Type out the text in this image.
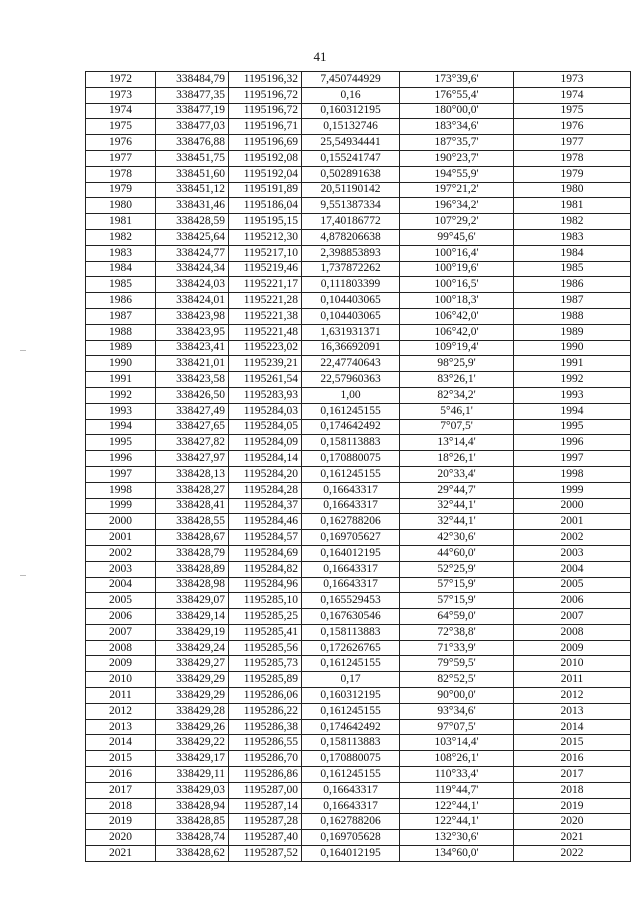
41
1972	338484,79	1195196,32	7,450744929	173°39,6'	1973
1973	338477,35	1195196,72	0,16	176°55,4'	1974
1974	338477,19	1195196,72	0,160312195	180°00,0'	1975
1975	338477,03	1195196,71	0,15132746	183°34,6'	1976
1976	338476,88	1195196,69	25,54934441	187°35,7'	1977
1977	338451,75	1195192,08	0,155241747	190°23,7'	1978
1978	338451,60	1195192,04	0,502891638	194°55,9'	1979
1979	338451,12	1195191,89	20,51190142	197°21,2'	1980
1980	338431,46	1195186,04	9,551387334	196°34,2'	1981
1981	338428,59	1195195,15	17,40186772	107°29,2'	1982
1982	338425,64	1195212,30	4,878206638	99°45,6'	1983
1983	338424,77	1195217,10	2,398853893	100°16,4'	1984
1984	338424,34	1195219,46	1,737872262	100°19,6'	1985
1985	338424,03	1195221,17	0,111803399	100°16,5'	1986
1986	338424,01	1195221,28	0,104403065	100°18,3'	1987
1987	338423,98	1195221,38	0,104403065	106°42,0'	1988
1988	338423,95	1195221,48	1,631931371	106°42,0'	1989
1989	338423,41	1195223,02	16,36692091	109°19,4'	1990
1990	338421,01	1195239,21	22,47740643	98°25,9'	1991
1991	338423,58	1195261,54	22,57960363	83°26,1'	1992
1992	338426,50	1195283,93	1,00	82°34,2'	1993
1993	338427,49	1195284,03	0,161245155	5°46,1'	1994
1994	338427,65	1195284,05	0,174642492	7°07,5'	1995
1995	338427,82	1195284,09	0,158113883	13°14,4'	1996
1996	338427,97	1195284,14	0,170880075	18°26,1'	1997
1997	338428,13	1195284,20	0,161245155	20°33,4'	1998
1998	338428,27	1195284,28	0,16643317	29°44,7'	1999
1999	338428,41	1195284,37	0,16643317	32°44,1'	2000
2000	338428,55	1195284,46	0,162788206	32°44,1'	2001
2001	338428,67	1195284,57	0,169705627	42°30,6'	2002
2002	338428,79	1195284,69	0,164012195	44°60,0'	2003
2003	338428,89	1195284,82	0,16643317	52°25,9'	2004
2004	338428,98	1195284,96	0,16643317	57°15,9'	2005
2005	338429,07	1195285,10	0,165529453	57°15,9'	2006
2006	338429,14	1195285,25	0,167630546	64°59,0'	2007
2007	338429,19	1195285,41	0,158113883	72°38,8'	2008
2008	338429,24	1195285,56	0,172626765	71°33,9'	2009
2009	338429,27	1195285,73	0,161245155	79°59,5'	2010
2010	338429,29	1195285,89	0,17	82°52,5'	2011
2011	338429,29	1195286,06	0,160312195	90°00,0'	2012
2012	338429,28	1195286,22	0,161245155	93°34,6'	2013
2013	338429,26	1195286,38	0,174642492	97°07,5'	2014
2014	338429,22	1195286,55	0,158113883	103°14,4'	2015
2015	338429,17	1195286,70	0,170880075	108°26,1'	2016
2016	338429,11	1195286,86	0,161245155	110°33,4'	2017
2017	338429,03	1195287,00	0,16643317	119°44,7'	2018
2018	338428,94	1195287,14	0,16643317	122°44,1'	2019
2019	338428,85	1195287,28	0,162788206	122°44,1'	2020
2020	338428,74	1195287,40	0,169705628	132°30,6'	2021
2021	338428,62	1195287,52	0,164012195	134°60,0'	2022
